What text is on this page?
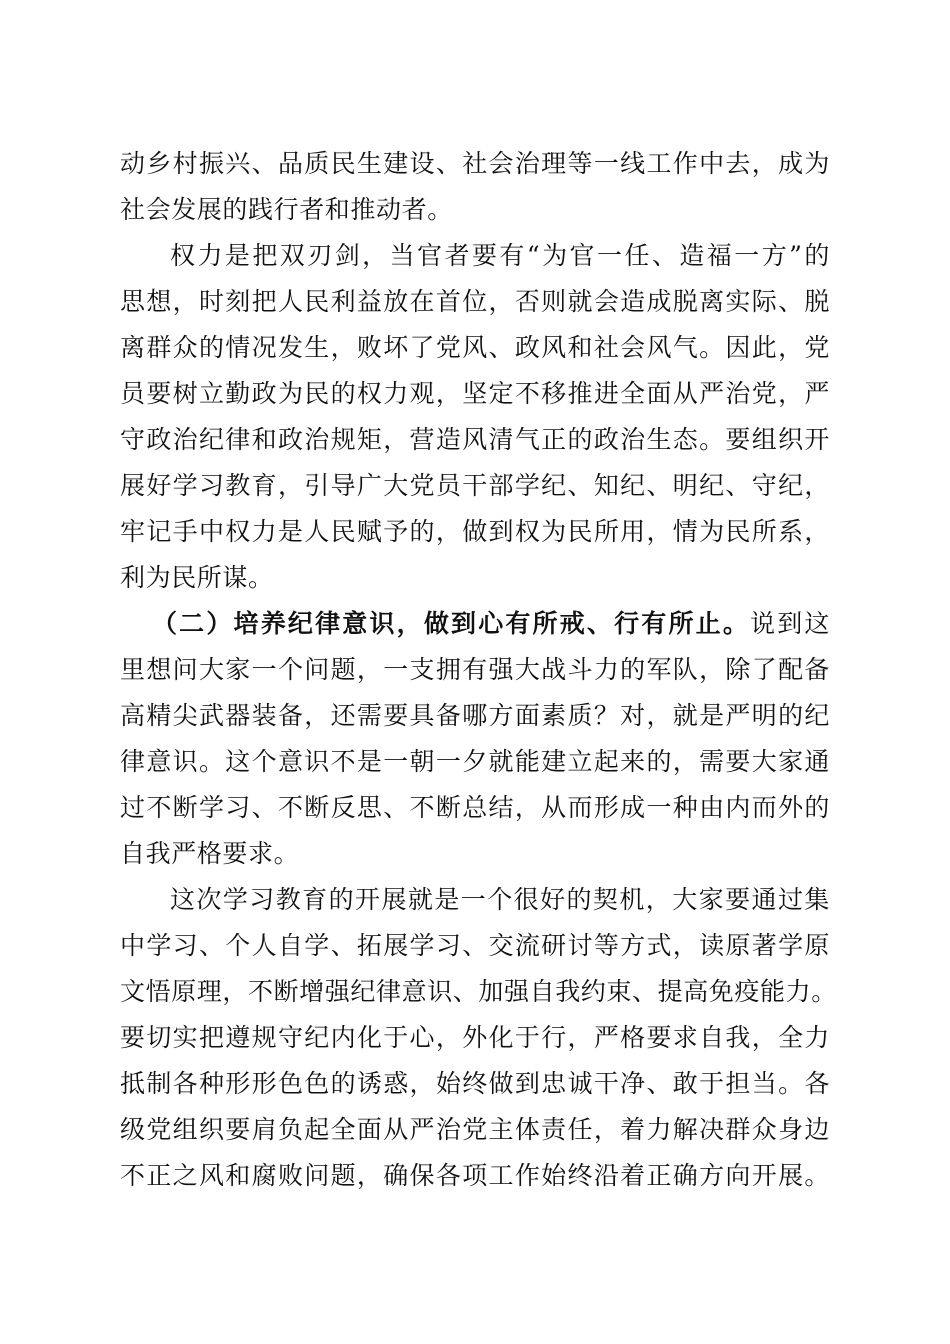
动乡村振兴、品质民生建设、社会治理等一线工作中去，成为

社会发展的践行者和推动者。

权力是把双刃剑，当官者要有“为官一任、造福一方”的

思想，时刻把人民利益放在首位，否则就会造成脱离实际、脱

离群众的情况发生，败坏了党风、政风和社会风气。因此，党

员要树立勤政为民的权力观，坚定不移推进全面从严治党，严

守政治纪律和政治规矩，营造风清气正的政治生态。要组织开

展好学习教育，引导广大党员干部学纪、知纪、明纪、守纪，

牢记手中权力是人民赋予的，做到权为民所用，情为民所系，

利为民所谋。

（二）培养纪律意识，做到心有所戒、行有所止。说到这

里想问大家一个问题，一支拥有强大战斗力的军队，除了配备

高精尖武器装备，还需要具备哪方面素质？对，就是严明的纪

律意识。这个意识不是一朝一夕就能建立起来的，需要大家通

过不断学习、不断反思、不断总结，从而形成一种由内而外的

自我严格要求。

这次学习教育的开展就是一个很好的契机，大家要通过集

中学习、个人自学、拓展学习、交流研讨等方式，读原著学原

文悟原理，不断增强纪律意识、加强自我约束、提高免疫能力。

要切实把遵规守纪内化于心，外化于行，严格要求自我，全力

抵制各种形形色色的诱惑，始终做到忠诚干净、敢于担当。各

级党组织要肩负起全面从严治党主体责任，着力解决群众身边

不正之风和腐败问题，确保各项工作始终沿着正确方向开展。
